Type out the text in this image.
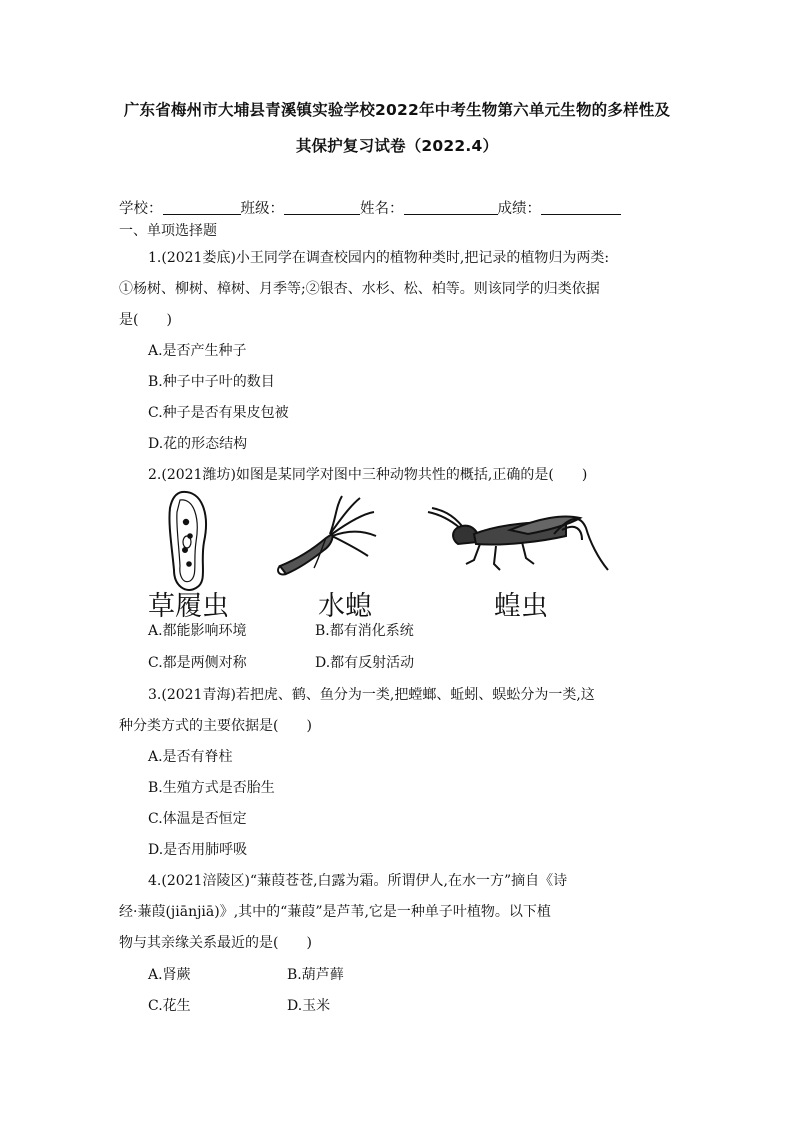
广东省梅州市大埔县青溪镇实验学校2022年中考生物第六单元生物的多样性及
其保护复习试卷（2022.4）
学校：	班级：	姓名：	成绩：
一、单项选择题
1.(2021娄底)小王同学在调查校园内的植物种类时,把记录的植物归为两类:
①杨树、柳树、樟树、月季等;②银杏、水杉、松、柏等。则该同学的归类依据
是(　　)
A.是否产生种子
B.种子中子叶的数目
C.种子是否有果皮包被
D.花的形态结构
2.(2021潍坊)如图是某同学对图中三种动物共性的概括,正确的是(　　)
草履虫	水螅	蝗虫
A.都能影响环境	B.都有消化系统
C.都是两侧对称	D.都有反射活动
3.(2021青海)若把虎、鹤、鱼分为一类,把螳螂、蚯蚓、蜈蚣分为一类,这
种分类方式的主要依据是(　　)
A.是否有脊柱
B.生殖方式是否胎生
C.体温是否恒定
D.是否用肺呼吸
4.(2021涪陵区)“蒹葭苍苍,白露为霜。所谓伊人,在水一方”摘自《诗
经·蒹葭(jiānjiā)》,其中的“蒹葭”是芦苇,它是一种单子叶植物。以下植
物与其亲缘关系最近的是(　　)
A.肾蕨	B.葫芦藓
C.花生	D.玉米
